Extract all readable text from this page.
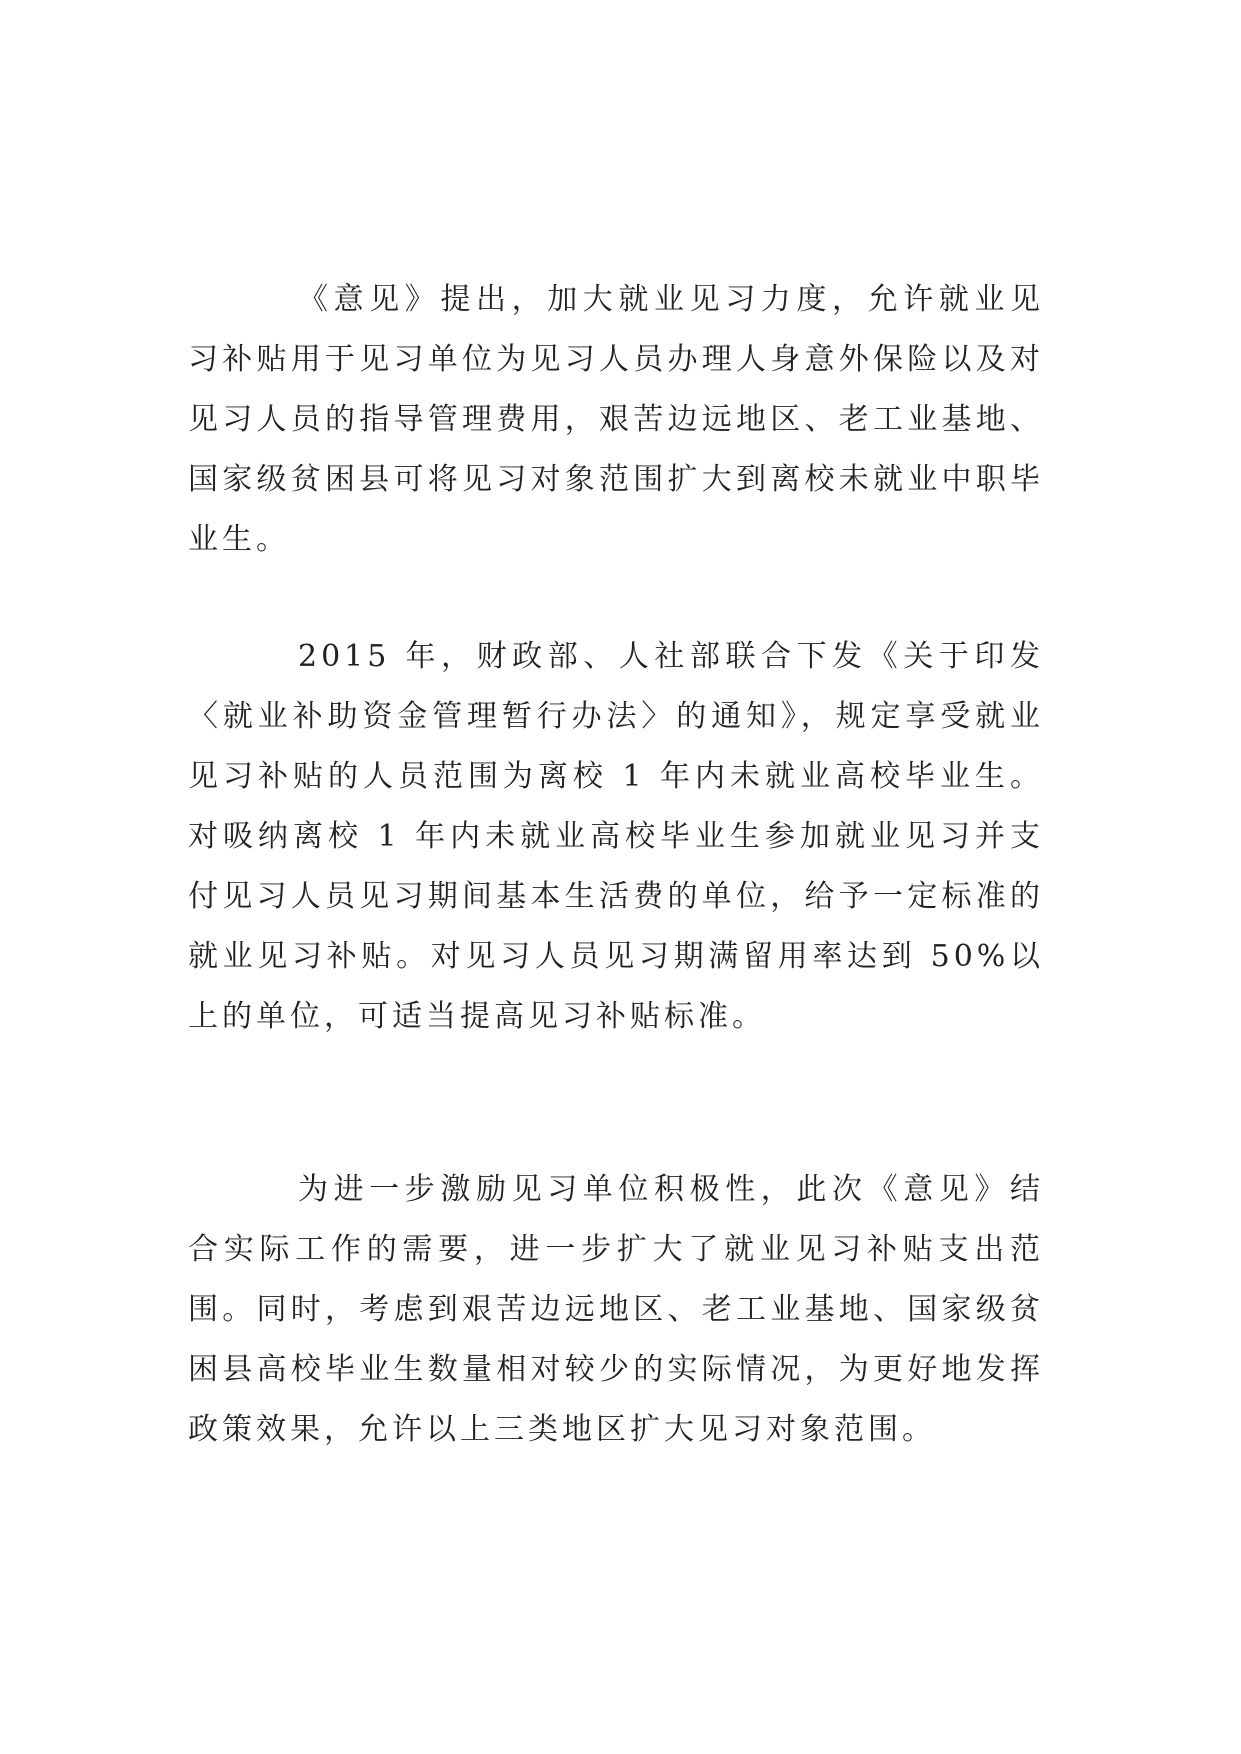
《意见》提出，加大就业见习力度，允许就业见习补贴用于见习单位为见习人员办理人身意外保险以及对见习人员的指导管理费用，艰苦边远地区、老工业基地、国家级贫困县可将见习对象范围扩大到离校未就业中职毕业生。

2015 年，财政部、人社部联合下发《关于印发〈就业补助资金管理暂行办法〉的通知》，规定享受就业见习补贴的人员范围为离校 1 年内未就业高校毕业生。对吸纳离校 1 年内未就业高校毕业生参加就业见习并支付见习人员见习期间基本生活费的单位，给予一定标准的就业见习补贴。对见习人员见习期满留用率达到 50%以上的单位，可适当提高见习补贴标准。

为进一步激励见习单位积极性，此次《意见》结合实际工作的需要，进一步扩大了就业见习补贴支出范围。同时，考虑到艰苦边远地区、老工业基地、国家级贫困县高校毕业生数量相对较少的实际情况，为更好地发挥政策效果，允许以上三类地区扩大见习对象范围。
